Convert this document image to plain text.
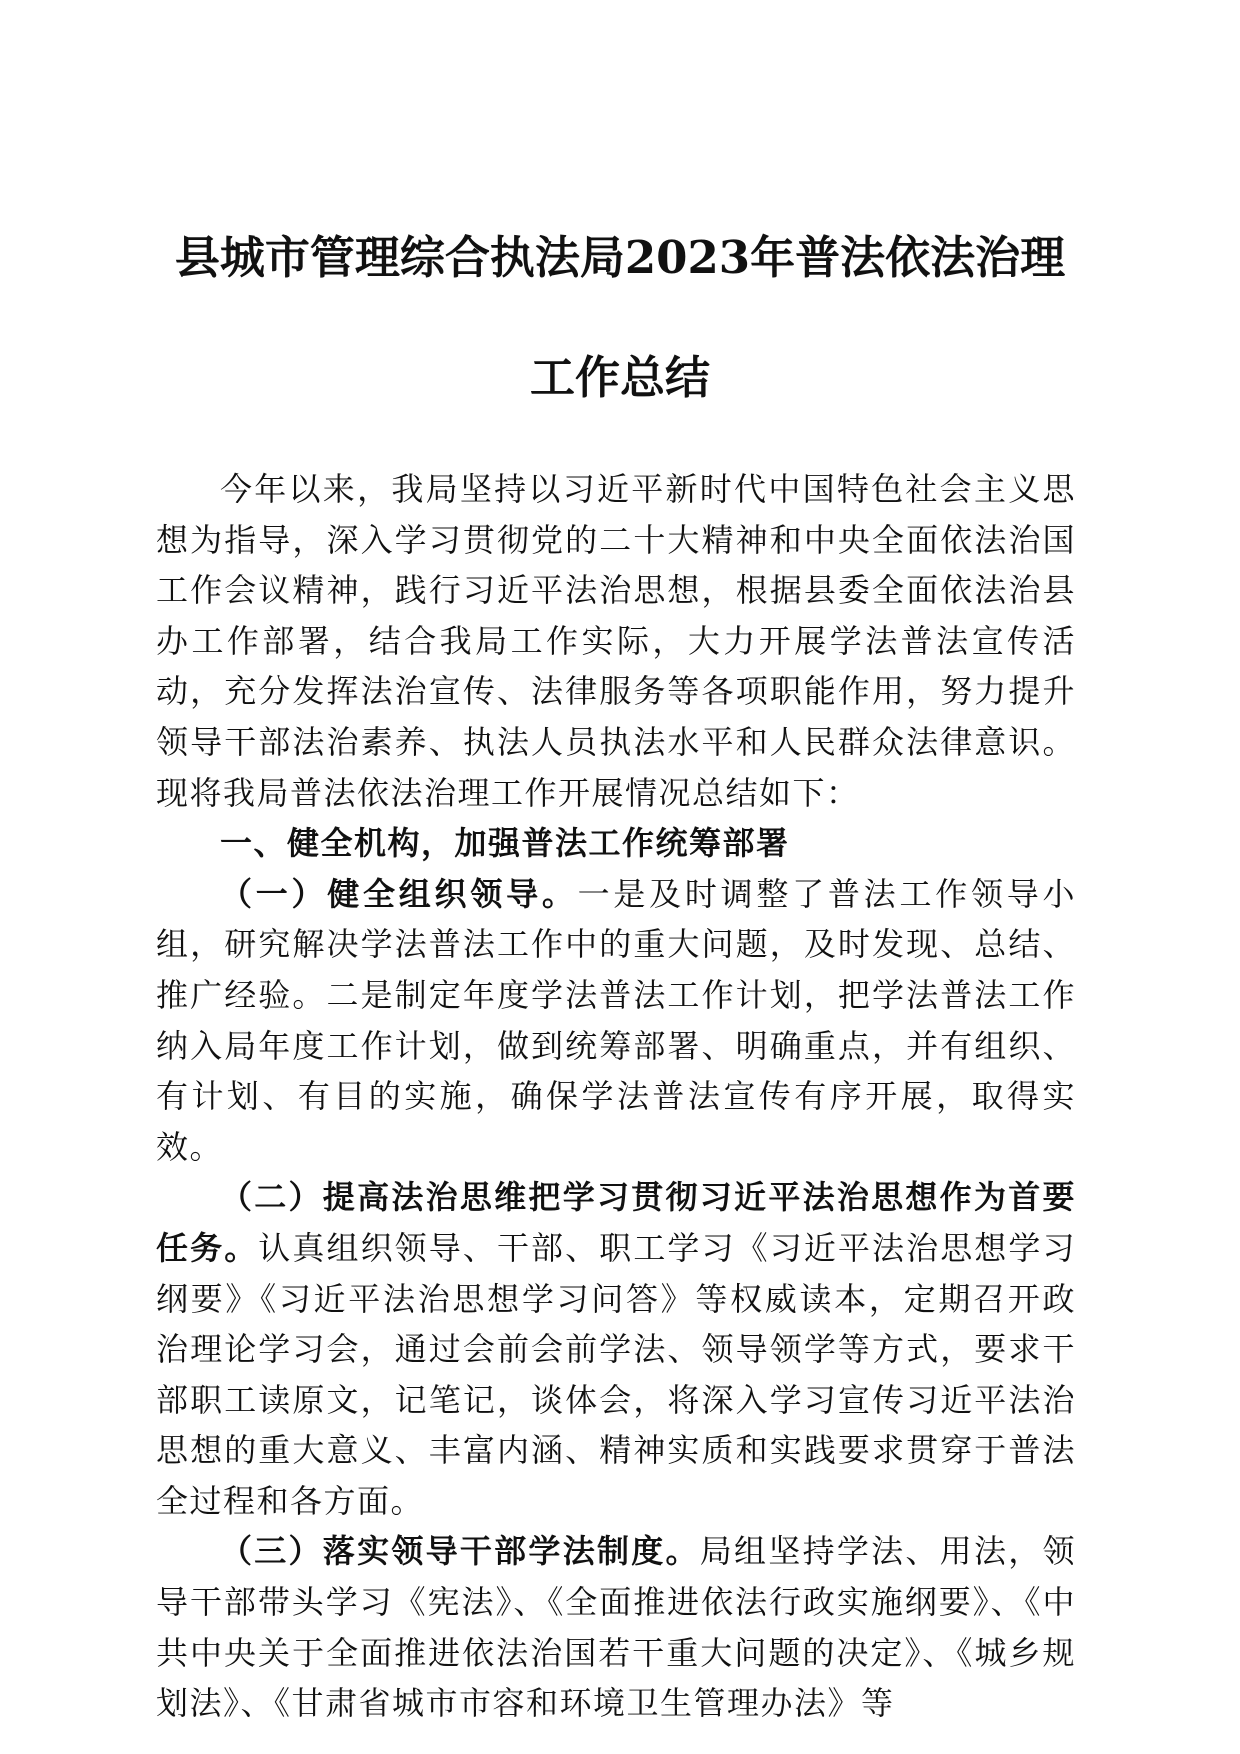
县城市管理综合执法局2023年普法依法治理
工作总结

今年以来，我局坚持以习近平新时代中国特色社会主义思想为指导，深入学习贯彻党的二十大精神和中央全面依法治国工作会议精神，践行习近平法治思想，根据县委全面依法治县办工作部署，结合我局工作实际，大力开展学法普法宣传活动，充分发挥法治宣传、法律服务等各项职能作用，努力提升领导干部法治素养、执法人员执法水平和人民群众法律意识。现将我局普法依法治理工作开展情况总结如下：

一、健全机构，加强普法工作统筹部署

（一）健全组织领导。一是及时调整了普法工作领导小组，研究解决学法普法工作中的重大问题，及时发现、总结、推广经验。二是制定年度学法普法工作计划，把学法普法工作纳入局年度工作计划，做到统筹部署、明确重点，并有组织、有计划、有目的实施，确保学法普法宣传有序开展，取得实效。

（二）提高法治思维把学习贯彻习近平法治思想作为首要任务。认真组织领导、干部、职工学习《习近平法治思想学习纲要》《习近平法治思想学习问答》等权威读本，定期召开政治理论学习会，通过会前会前学法、领导领学等方式，要求干部职工读原文，记笔记，谈体会，将深入学习宣传习近平法治思想的重大意义、丰富内涵、精神实质和实践要求贯穿于普法全过程和各方面。

（三）落实领导干部学法制度。局组坚持学法、用法，领导干部带头学习《宪法》、《全面推进依法行政实施纲要》、《中共中央关于全面推进依法治国若干重大问题的决定》、《城乡规划法》、《甘肃省城市市容和环境卫生管理办法》等
